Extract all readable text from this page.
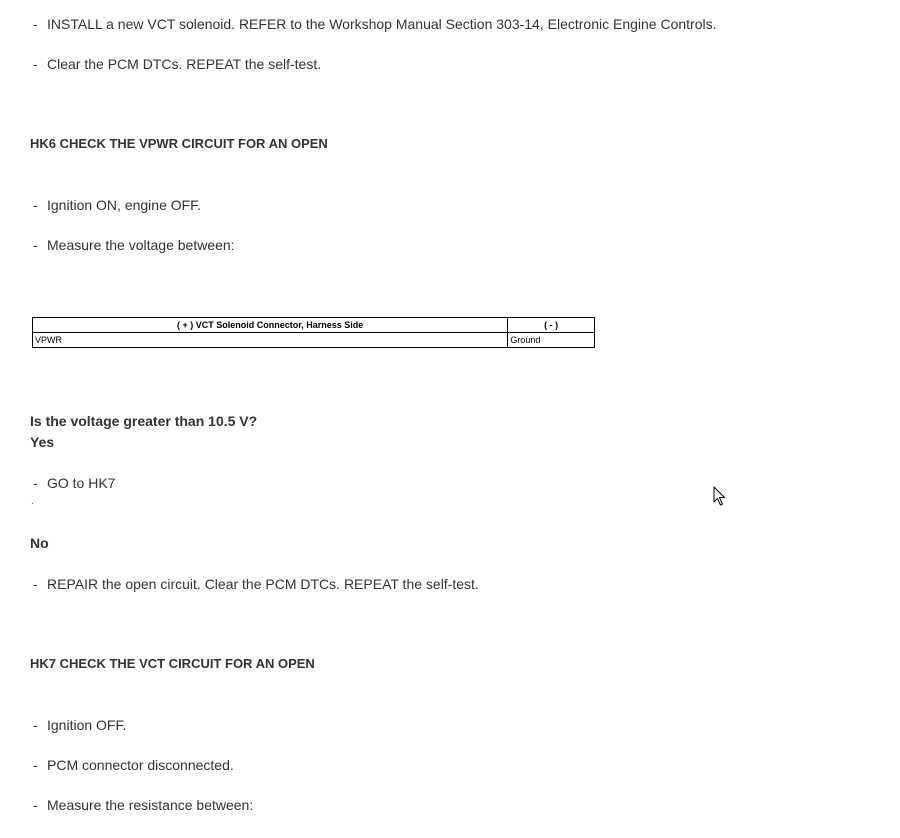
- INSTALL a new VCT solenoid. REFER to the Workshop Manual Section 303-14, Electronic Engine Controls.
- Clear the PCM DTCs. REPEAT the self-test.
HK6 CHECK THE VPWR CIRCUIT FOR AN OPEN
- Ignition ON, engine OFF.
- Measure the voltage between:
( + ) VCT Solenoid Connector, Harness Side	( - )
VPWR	Ground
Is the voltage greater than 10.5 V?
Yes
- GO to HK7
.
No
- REPAIR the open circuit. Clear the PCM DTCs. REPEAT the self-test.
HK7 CHECK THE VCT CIRCUIT FOR AN OPEN
- Ignition OFF.
- PCM connector disconnected.
- Measure the resistance between:
